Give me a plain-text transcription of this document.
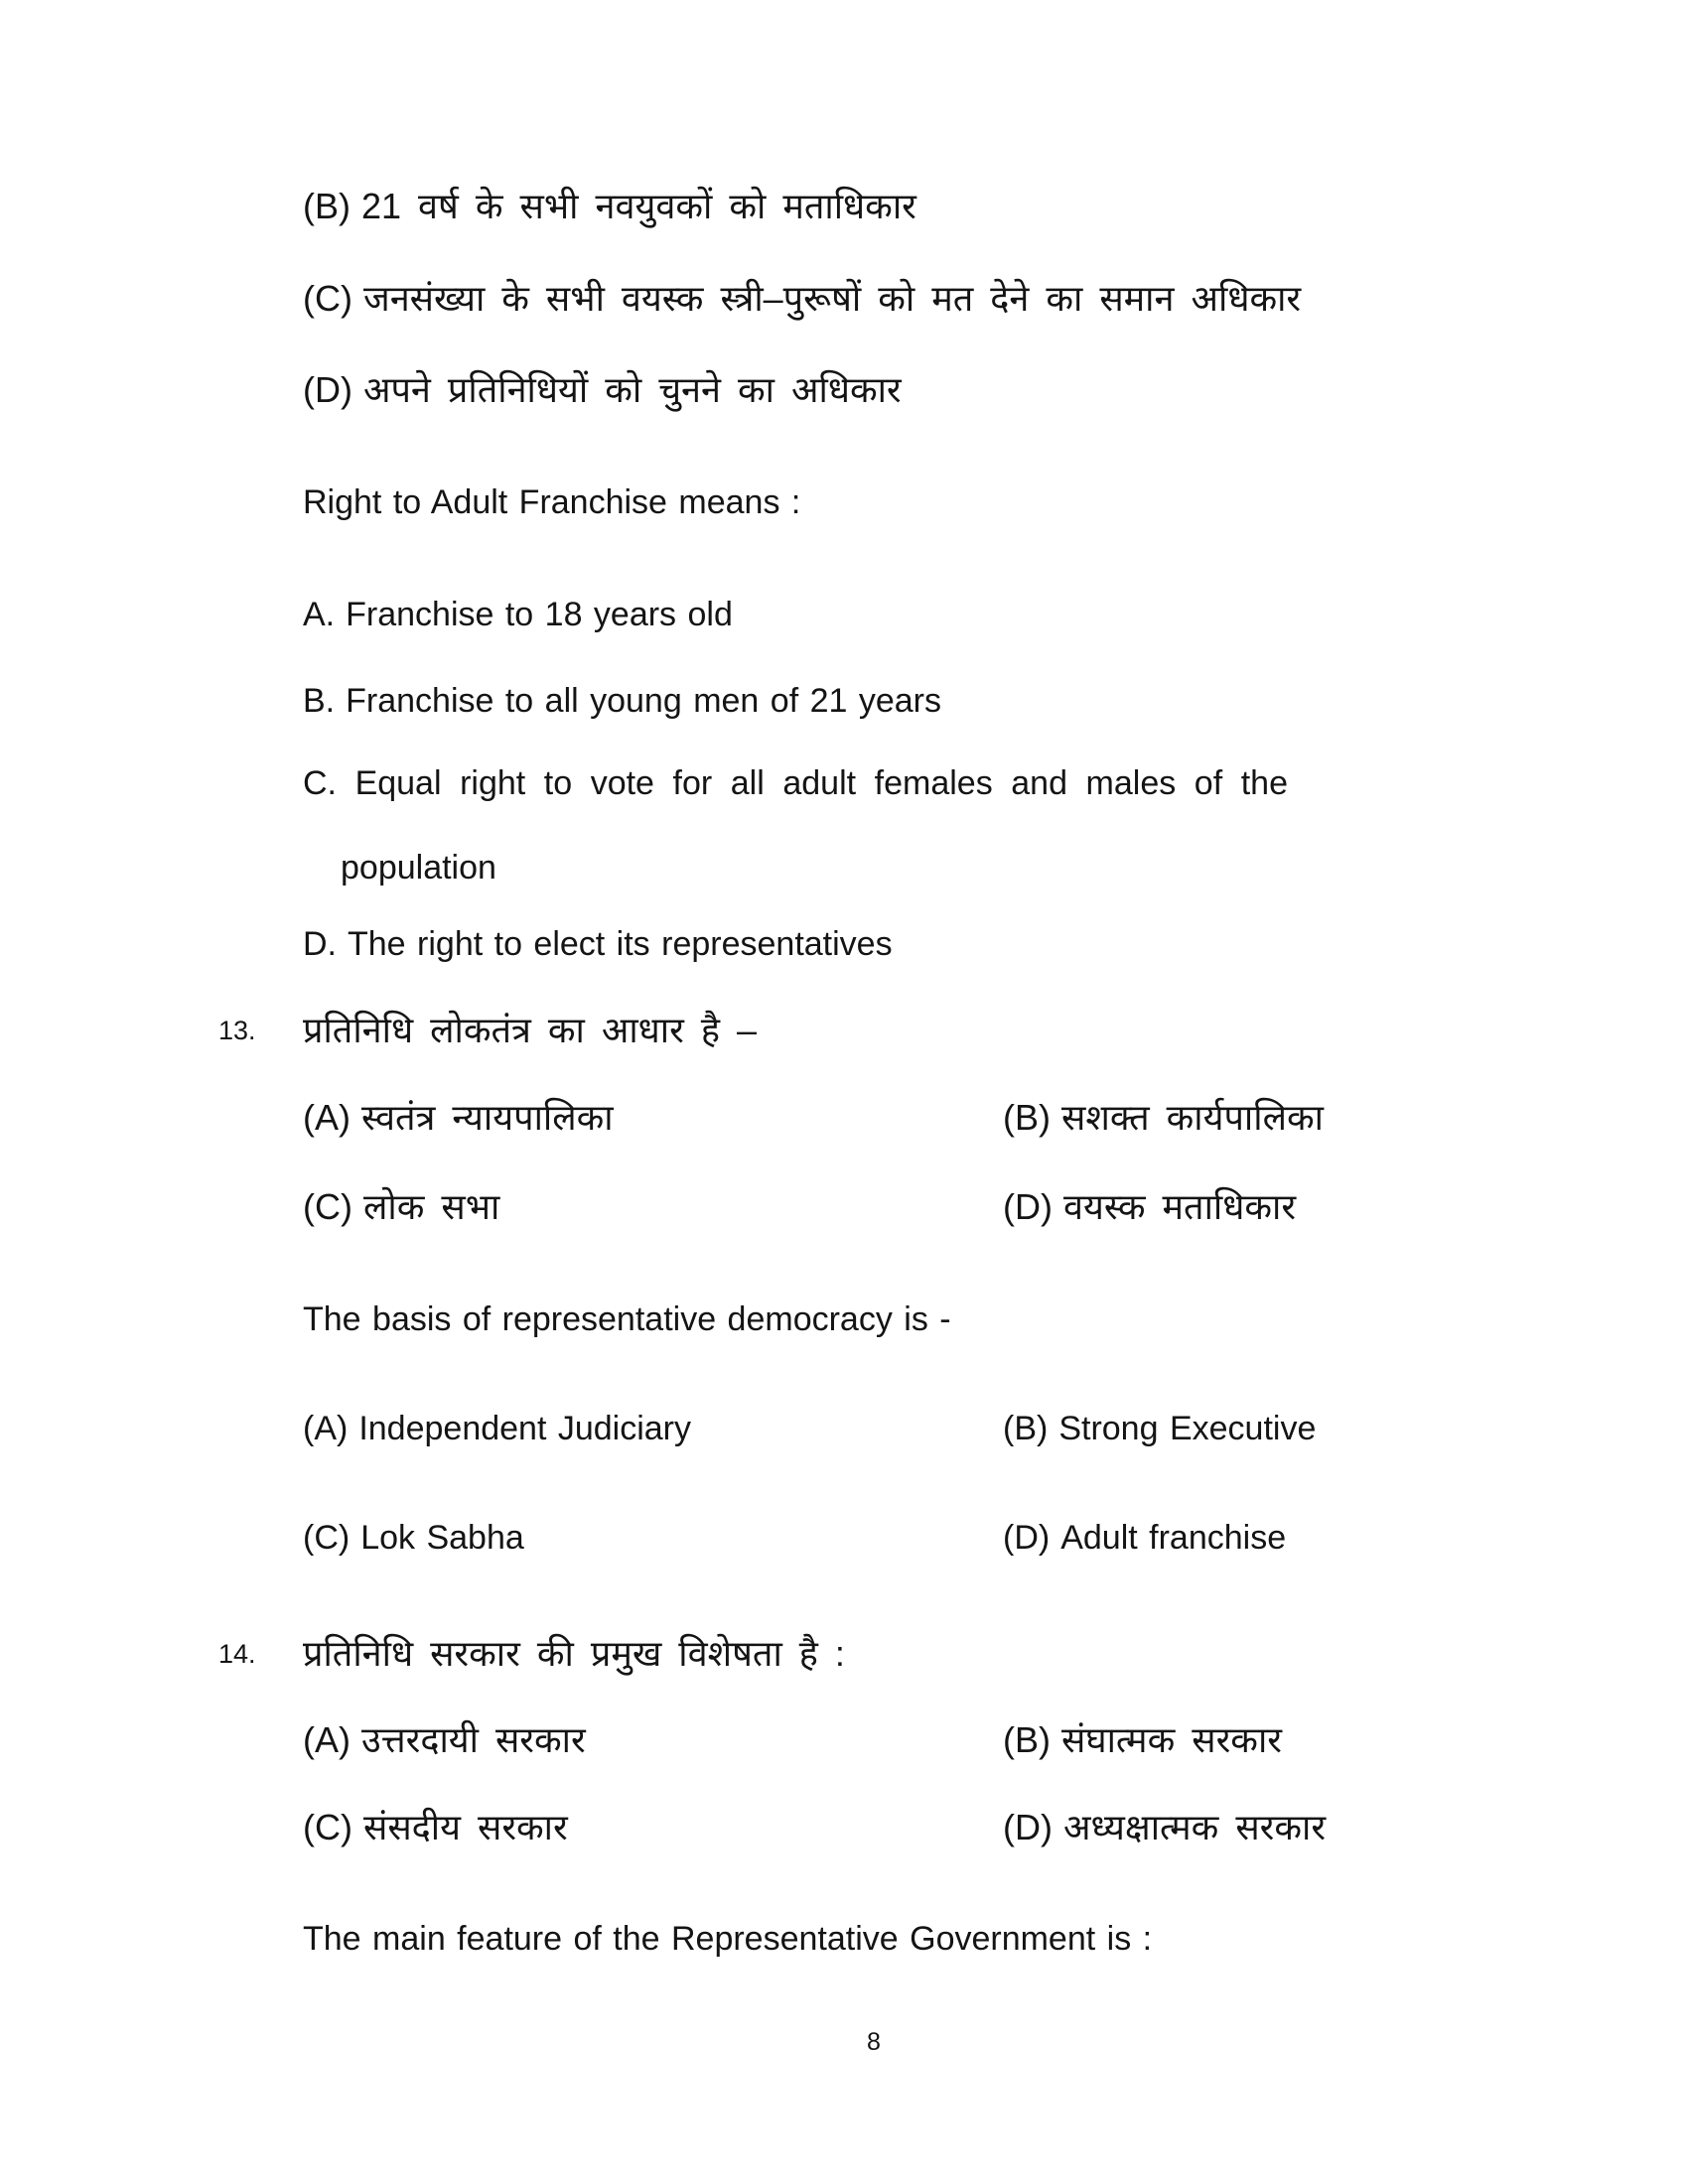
(B) 21 वर्ष के सभी नवयुवकों को मताधिकार
(C) जनसंख्या के सभी वयस्क स्त्री–पुरूषों को मत देने का समान अधिकार
(D) अपने प्रतिनिधियों को चुनने का अधिकार
Right to Adult Franchise means :
A. Franchise to 18 years old
B. Franchise to all young men of 21 years
C. Equal right to vote for all adult females and males of the
population
D. The right to elect its representatives
13. प्रतिनिधि लोकतंत्र का आधार है –
(A) स्वतंत्र न्यायपालिका	(B) सशक्त कार्यपालिका
(C) लोक सभा	(D) वयस्क मताधिकार
The basis of representative democracy is -
(A) Independent Judiciary	(B) Strong Executive
(C) Lok Sabha	(D) Adult franchise
14. प्रतिनिधि सरकार की प्रमुख विशेषता है :
(A) उत्तरदायी सरकार	(B) संघात्मक सरकार
(C) संसदीय सरकार	(D) अध्यक्षात्मक सरकार
The main feature of the Representative Government is :
8
